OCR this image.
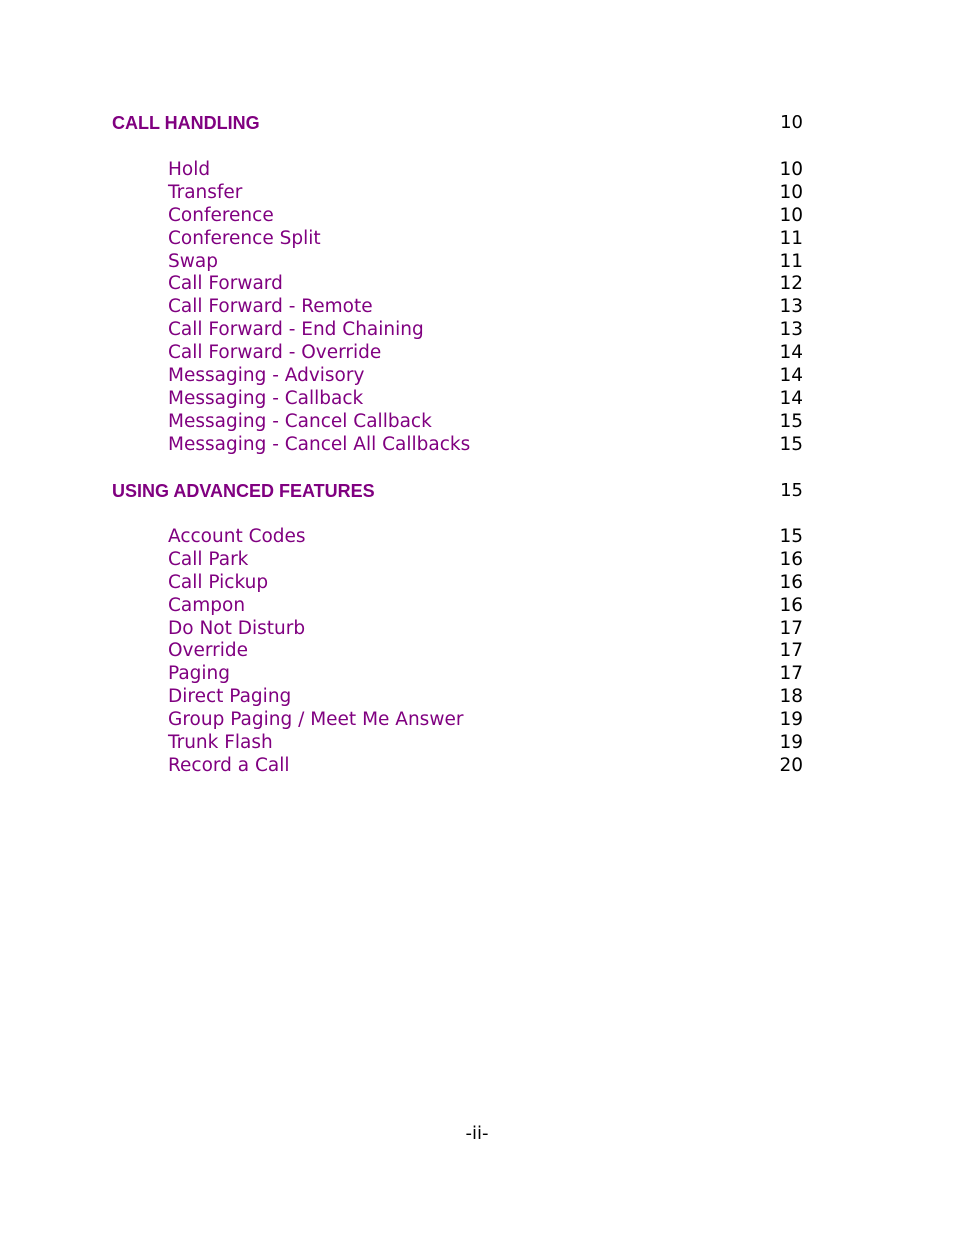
CALL HANDLING	10
Hold	10
Transfer	10
Conference	10
Conference Split	11
Swap	11
Call Forward	12
Call Forward - Remote	13
Call Forward - End Chaining	13
Call Forward - Override	14
Messaging - Advisory	14
Messaging - Callback	14
Messaging - Cancel Callback	15
Messaging - Cancel All Callbacks	15
USING ADVANCED FEATURES	15
Account Codes	15
Call Park	16
Call Pickup	16
Campon	16
Do Not Disturb	17
Override	17
Paging	17
Direct Paging	18
Group Paging / Meet Me Answer	19
Trunk Flash	19
Record a Call	20
-ii-
